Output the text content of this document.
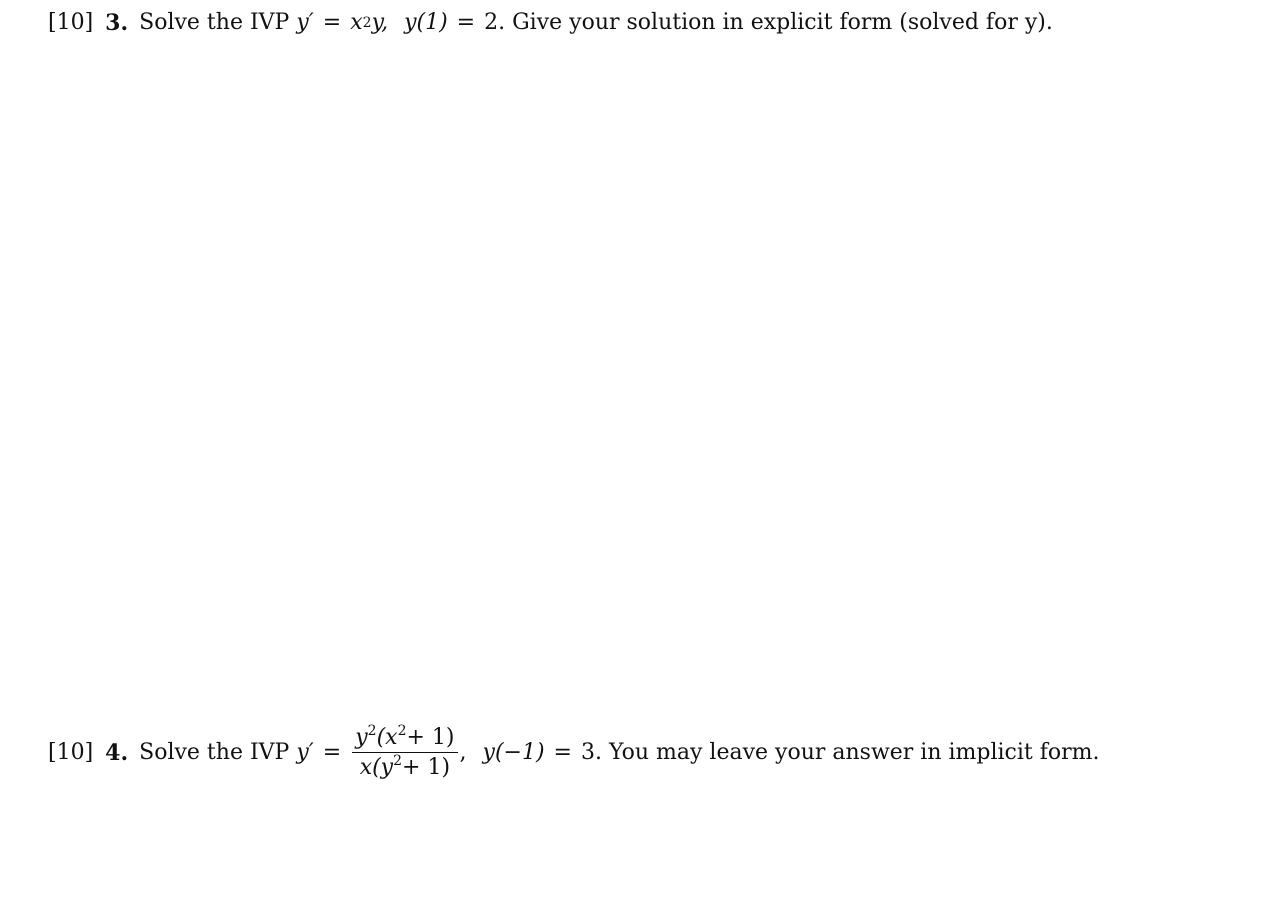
[10] 3. Solve the IVP y′ = x 2 y, y(1) = 2. Give your solution in explicit form (solved for y).
[10] 4. Solve the IVP $y' = \frac{y^2(x^2+ 1)}{x(y^2+ 1)}$ , y(−1) = 3. You may leave your answer in implicit form.
